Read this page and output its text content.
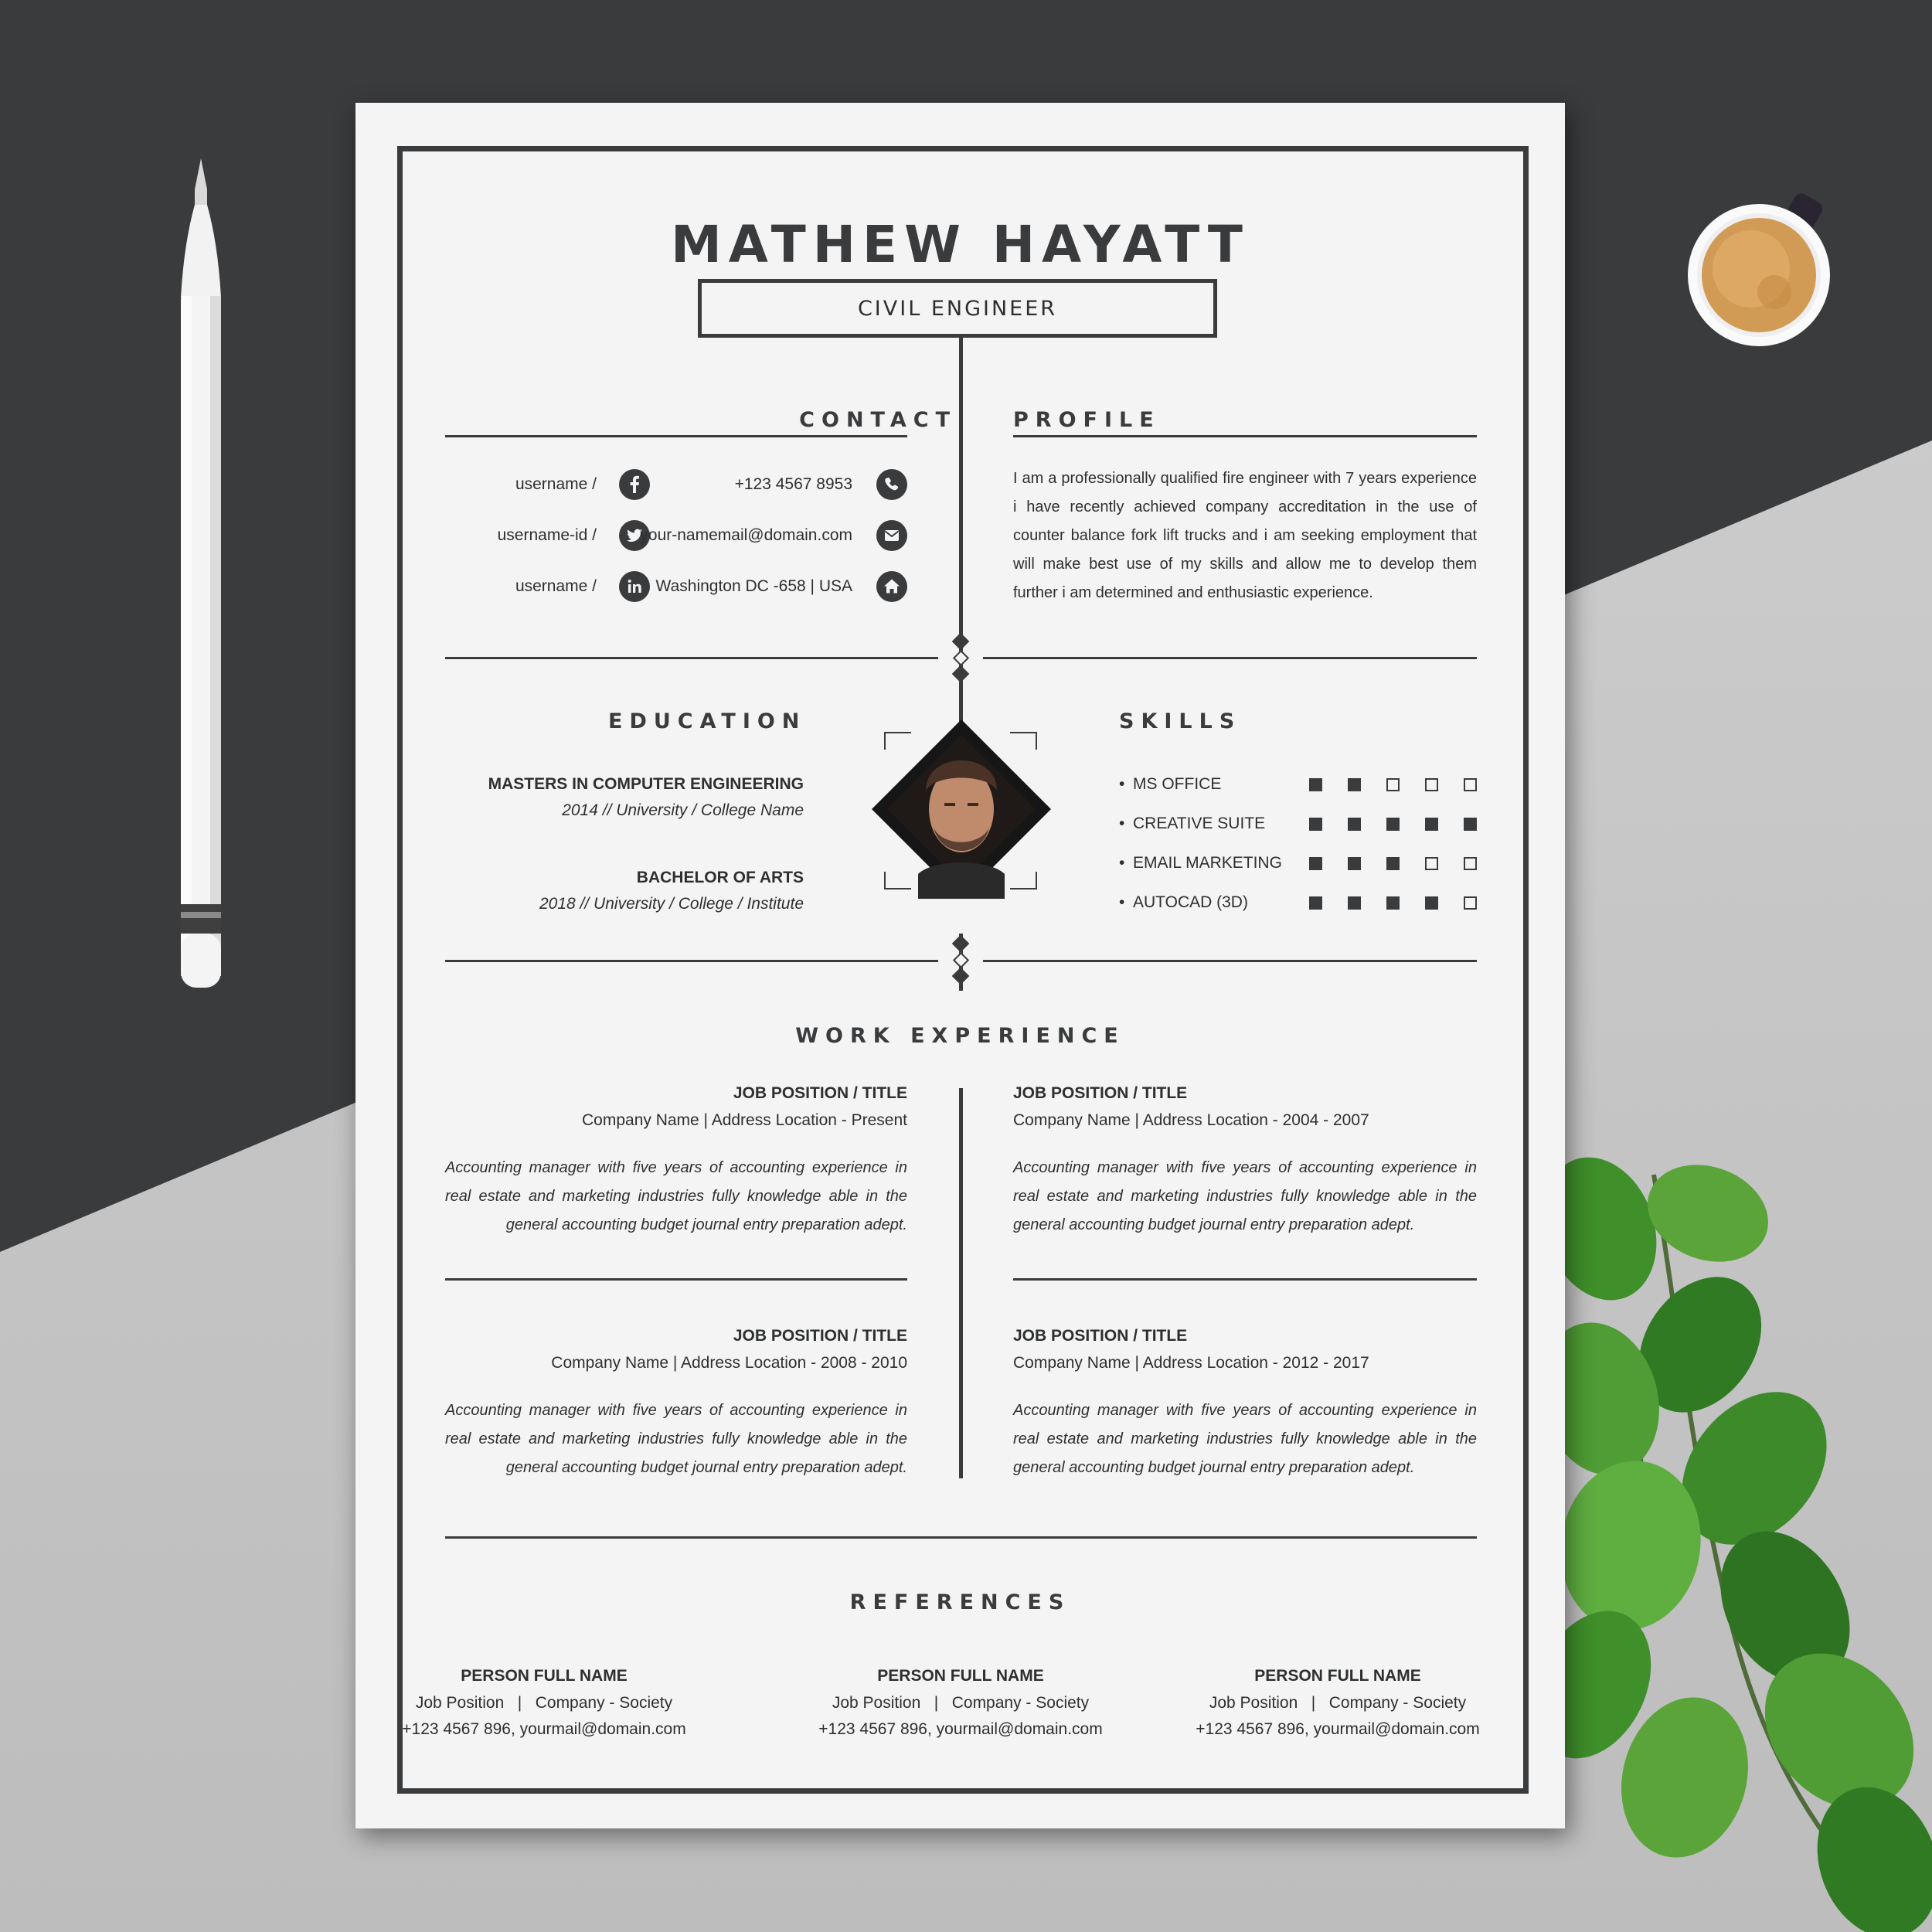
MATHEW HAYATT
CIVIL ENGINEER
CONTACT
username /
username-id /
username /
+123 4567 8953
your-namemail@domain.com
Washington DC -658 | USA
PROFILE
I am a professionally qualified fire engineer with 7 years experience i have recently achieved company accreditation in the use of counter balance fork lift trucks and i am seeking employment that will make best use of my skills and allow me to develop them further i am determined and enthusiastic experience.
EDUCATION
MASTERS IN COMPUTER ENGINEERING
2014 // University / College Name
BACHELOR OF ARTS
2018 // University / College / Institute
SKILLS
• MS OFFICE
• CREATIVE SUITE
• EMAIL MARKETING
• AUTOCAD (3D)
WORK EXPERIENCE
JOB POSITION / TITLE
Company Name | Address Location - Present
Accounting manager with five years of accounting experience in real estate and marketing industries fully knowledge able in the general accounting budget journal entry preparation adept.
JOB POSITION / TITLE
Company Name | Address Location - 2004 - 2007
Accounting manager with five years of accounting experience in real estate and marketing industries fully knowledge able in the general accounting budget journal entry preparation adept.
JOB POSITION / TITLE
Company Name | Address Location - 2008 - 2010
Accounting manager with five years of accounting experience in real estate and marketing industries fully knowledge able in the general accounting budget journal entry preparation adept.
JOB POSITION / TITLE
Company Name | Address Location - 2012 - 2017
Accounting manager with five years of accounting experience in real estate and marketing industries fully knowledge able in the general accounting budget journal entry preparation adept.
REFERENCES
PERSON FULL NAME
Job Position   |   Company - Society
+123 4567 896, yourmail@domain.com
PERSON FULL NAME
Job Position   |   Company - Society
+123 4567 896, yourmail@domain.com
PERSON FULL NAME
Job Position   |   Company - Society
+123 4567 896, yourmail@domain.com
